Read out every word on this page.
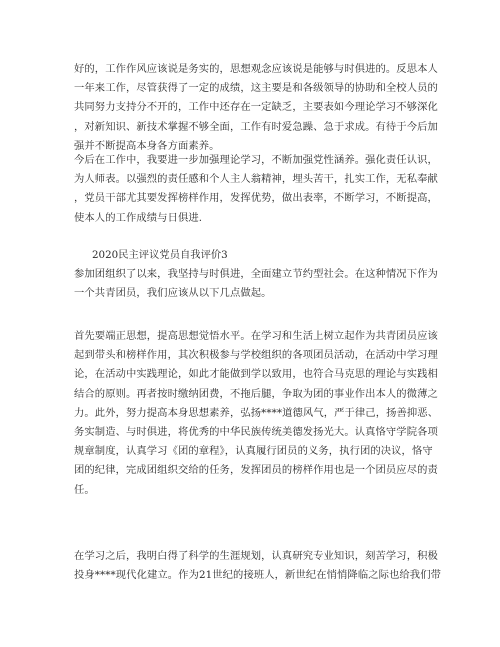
好的，工作作风应该说是务实的，思想观念应该说是能够与时俱进的。反思本人
一年来工作，尽管获得了一定的成绩，这主要是和各级领导的协助和全校人员的
共同努力支持分不开的，工作中还存在一定缺乏，主要表如今理论学习不够深化
，对新知识、新技术掌握不够全面，工作有时爱急躁、急于求成。有待于今后加
强并不断提高本身各方面素养。

今后在工作中，我要进一步加强理论学习，不断加强党性涵养。强化责任认识，
为人师表。以强烈的责任感和个人主人翁精神，埋头苦干，扎实工作，无私奉献
，党员干部尤其要发挥榜样作用，发挥优势，做出表率，不断学习，不断提高，
使本人的工作成绩与日俱进.

2020民主评议党员自我评价3

参加团组织了以来，我坚持与时俱进，全面建立节约型社会。在这种情况下作为
一个共青团员，我们应该从以下几点做起。

首先要端正思想，提高思想觉悟水平。在学习和生活上树立起作为共青团员应该
起到带头和榜样作用，其次积极参与学校组织的各项团员活动，在活动中学习理
论，在活动中实践理论，如此才能做到学以致用，也符合马克思的理论与实践相
结合的原则。再者按时缴纳团费，不拖后腿，争取为团的事业作出本人的微薄之
力。此外，努力提高本身思想素养，弘扬****道德风气，严于律己，扬善抑恶、
务实制造、与时俱进，将优秀的中华民族传统美德发扬光大。认真恪守学院各项
规章制度，认真学习《团的章程》，认真履行团员的义务，执行团的决议，恪守
团的纪律，完成团组织交给的任务，发挥团员的榜样作用也是一个团员应尽的责
任。

在学习之后，我明白得了科学的生涯规划，认真研究专业知识，刻苦学习，积极
投身****现代化建立。作为21世纪的接班人，新世纪在悄悄降临之际也给我们带
